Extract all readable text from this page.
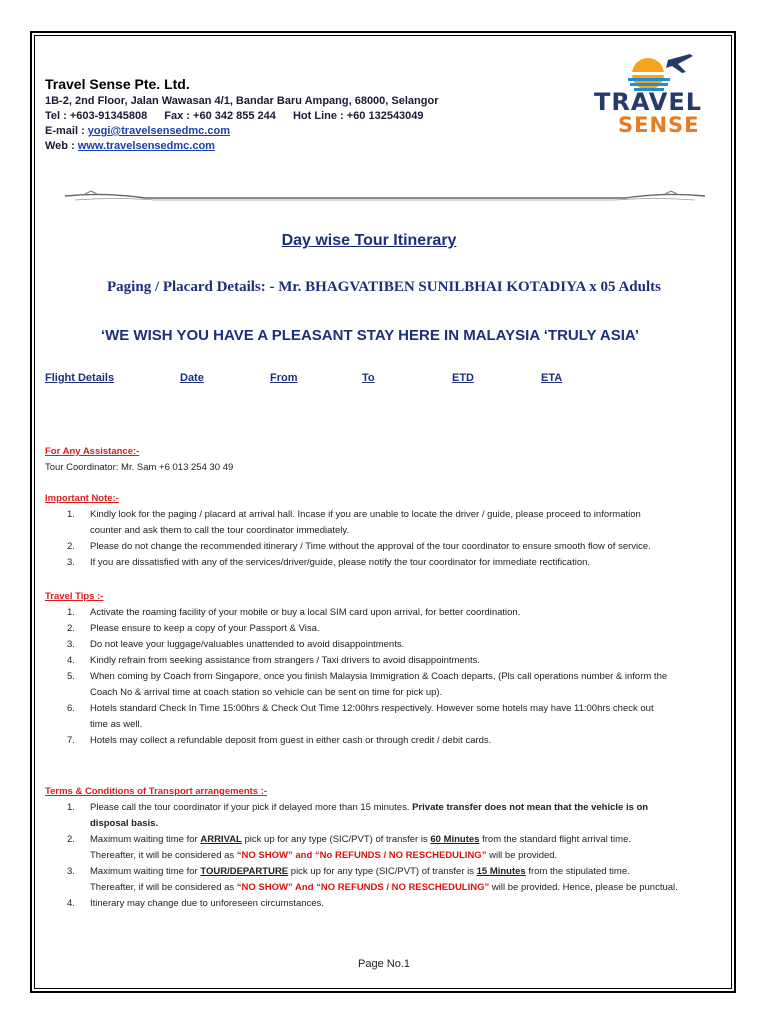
Travel Sense Pte. Ltd.
1B-2, 2nd Floor, Jalan Wawasan 4/1, Bandar Baru Ampang, 68000, Selangor
Tel : +603-91345808 Fax : +60 342 855 244 Hot Line : +60 132543049
E-mail : yogi@travelsensedmc.com
Web : www.travelsensedmc.com
TRAVEL
SENSE
Day wise Tour Itinerary
Paging / Placard Details: - Mr. BHAGVATIBEN SUNILBHAI KOTADIYA x 05 Adults
‘WE WISH YOU HAVE A PLEASANT STAY HERE IN MALAYSIA ‘TRULY ASIA’
Flight Details	Date	From	To	ETD	ETA
For Any Assistance:-
Tour Coordinator: Mr. Sam +6 013 254 30 49
Important Note:-
1. Kindly look for the paging / placard at arrival hall. Incase if you are unable to locate the driver / guide, please proceed to information
counter and ask them to call the tour coordinator immediately.
2. Please do not change the recommended itinerary / Time without the approval of the tour coordinator to ensure smooth flow of service.
3. If you are dissatisfied with any of the services/driver/guide, please notify the tour coordinator for immediate rectification.
Travel Tips :-
1. Activate the roaming facility of your mobile or buy a local SIM card upon arrival, for better coordination.
2. Please ensure to keep a copy of your Passport & Visa.
3. Do not leave your luggage/valuables unattended to avoid disappointments.
4. Kindly refrain from seeking assistance from strangers / Taxi drivers to avoid disappointments.
5. When coming by Coach from Singapore, once you finish Malaysia Immigration & Coach departs, (Pls call operations number & inform the
Coach No & arrival time at coach station so vehicle can be sent on time for pick up).
6. Hotels standard Check In Time 15:00hrs & Check Out Time 12:00hrs respectively. However some hotels may have 11:00hrs check out
time as well.
7. Hotels may collect a refundable deposit from guest in either cash or through credit / debit cards.
Terms & Conditions of Transport arrangements :-
1. Please call the tour coordinator if your pick if delayed more than 15 minutes. Private transfer does not mean that the vehicle is on
disposal basis.
2. Maximum waiting time for ARRIVAL pick up for any type (SIC/PVT) of transfer is 60 Minutes from the standard flight arrival time.
Thereafter, it will be considered as “NO SHOW” and “No REFUNDS / NO RESCHEDULING” will be provided.
3. Maximum waiting time for TOUR/DEPARTURE pick up for any type (SIC/PVT) of transfer is 15 Minutes from the stipulated time.
Thereafter, if will be considered as “NO SHOW” And “NO REFUNDS / NO RESCHEDULING” will be provided. Hence, please be punctual.
4. Itinerary may change due to unforeseen circumstances.
Page No.1
